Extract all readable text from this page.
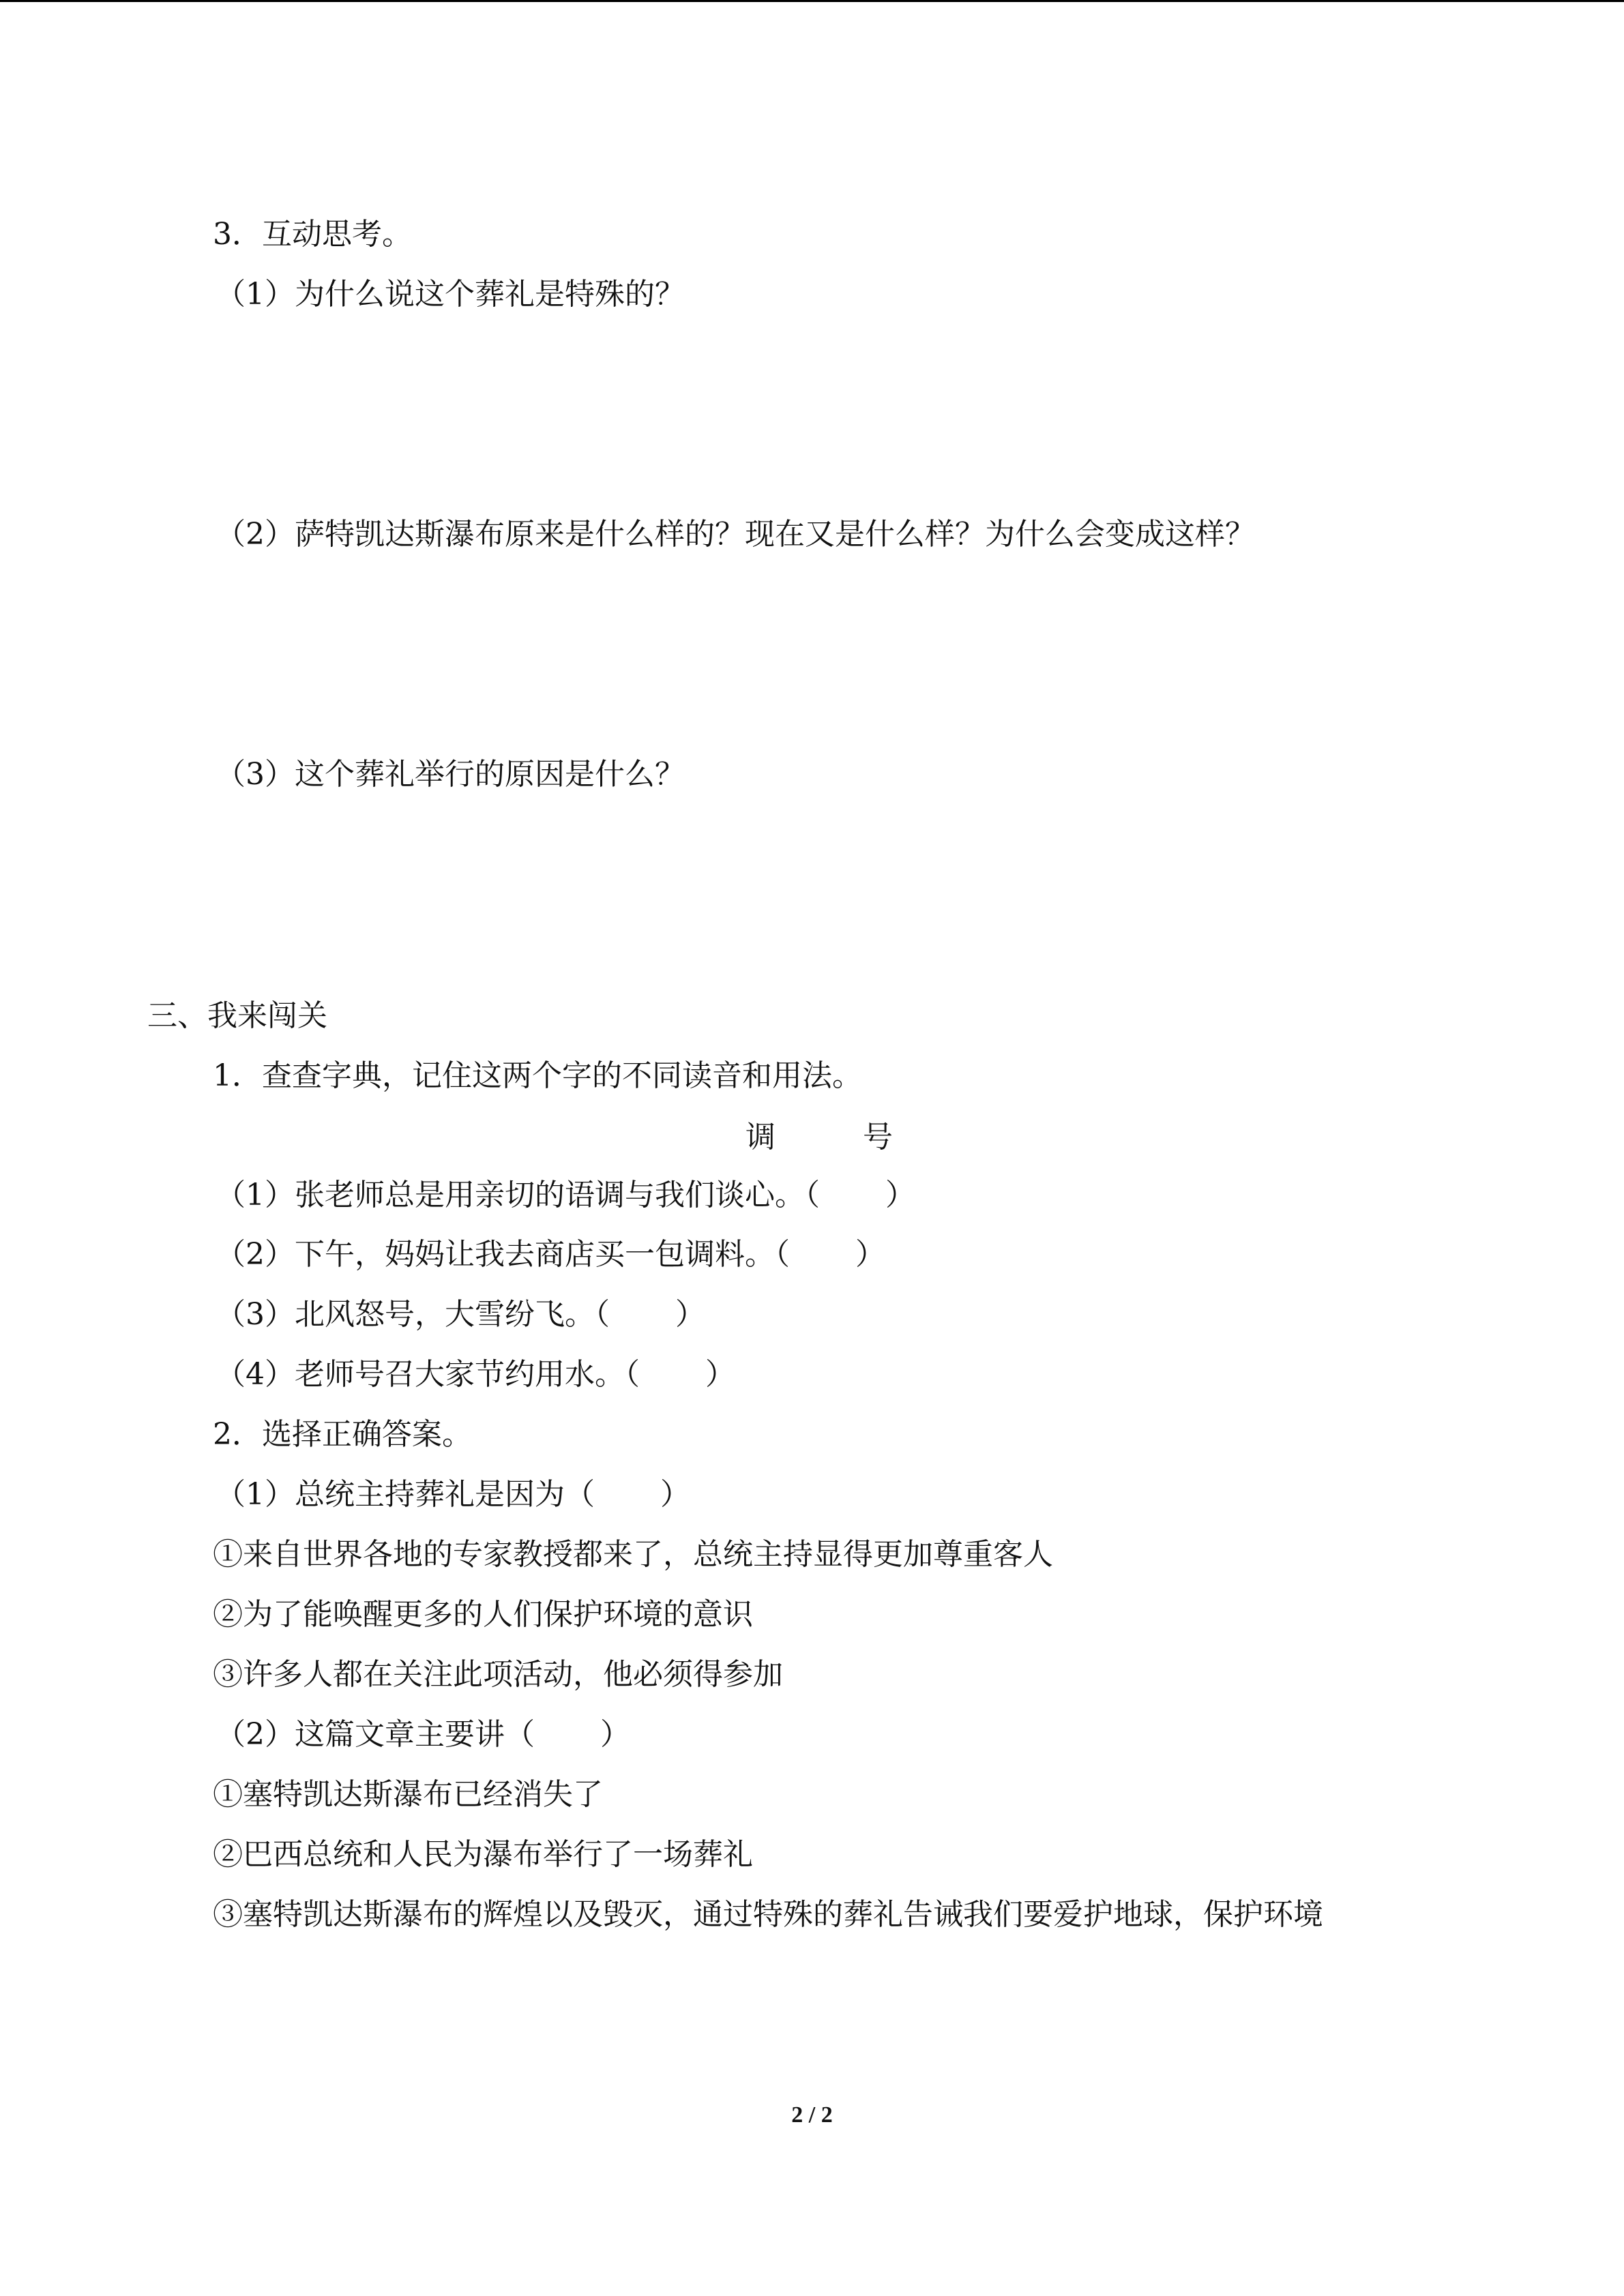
3．互动思考。
（1）为什么说这个葬礼是特殊的？
（2）萨特凯达斯瀑布原来是什么样的？现在又是什么样？为什么会变成这样？
（3）这个葬礼举行的原因是什么？
三、我来闯关
1．查查字典，记住这两个字的不同读音和用法。
调	号
（1）张老师总是用亲切的语调与我们谈心。（ ）
（2）下午，妈妈让我去商店买一包调料。（ ）
（3）北风怒号，大雪纷飞。（ ）
（4）老师号召大家节约用水。（ ）
2．选择正确答案。
（1）总统主持葬礼是因为（ ）
①来自世界各地的专家教授都来了，总统主持显得更加尊重客人
②为了能唤醒更多的人们保护环境的意识
③许多人都在关注此项活动，他必须得参加
（2）这篇文章主要讲（ ）
①塞特凯达斯瀑布已经消失了
②巴西总统和人民为瀑布举行了一场葬礼
③塞特凯达斯瀑布的辉煌以及毁灭，通过特殊的葬礼告诫我们要爱护地球，保护环境
2 / 2
